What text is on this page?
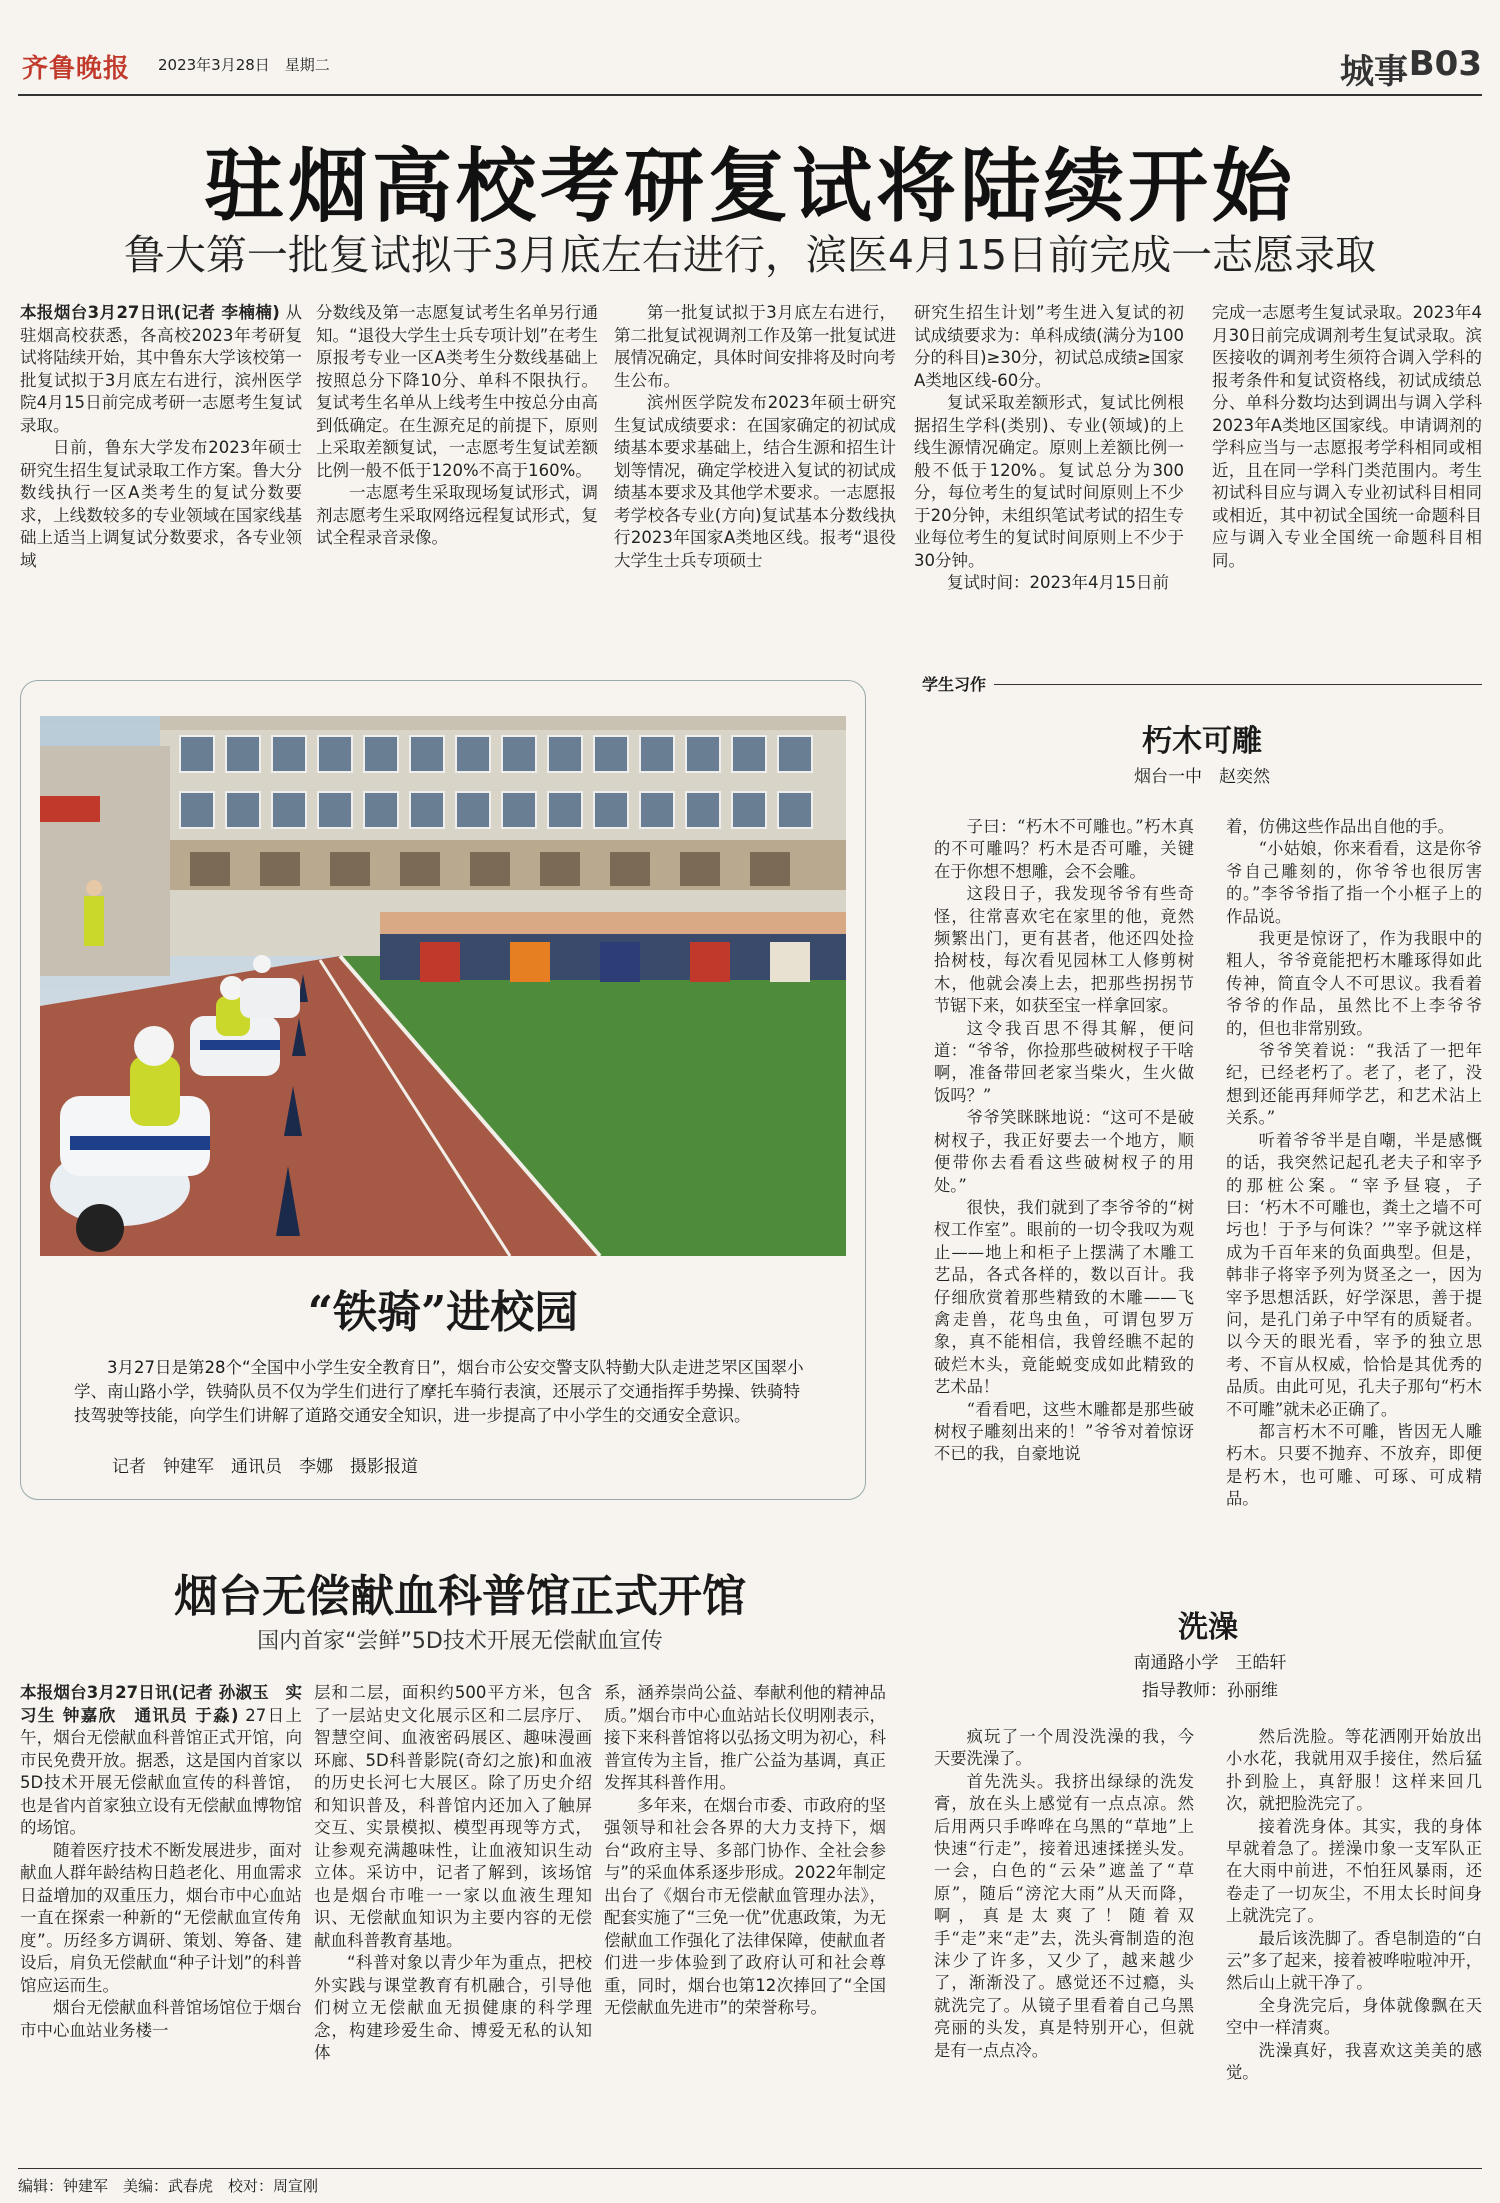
齐鲁晚报 2023年3月28日　星期二	城事 B03
驻烟高校考研复试将陆续开始
鲁大第一批复试拟于3月底左右进行，滨医4月15日前完成一志愿录取

本报烟台3月27日讯(记者 李楠楠) 从驻烟高校获悉，各高校2023年考研复试将陆续开始，其中鲁东大学该校第一批复试拟于3月底左右进行，滨州医学院4月15日前完成考研一志愿考生复试录取。

日前，鲁东大学发布2023年硕士研究生招生复试录取工作方案。鲁大分数线执行一区A类考生的复试分数要求，上线数较多的专业领域在国家线基础上适当上调复试分数要求，各专业领域

分数线及第一志愿复试考生名单另行通知。“退役大学生士兵专项计划”在考生原报考专业一区A类考生分数线基础上按照总分下降10分、单科不限执行。复试考生名单从上线考生中按总分由高到低确定。在生源充足的前提下，原则上采取差额复试，一志愿考生复试差额比例一般不低于120%不高于160%。

一志愿考生采取现场复试形式，调剂志愿考生采取网络远程复试形式，复试全程录音录像。

第一批复试拟于3月底左右进行，第二批复试视调剂工作及第一批复试进展情况确定，具体时间安排将及时向考生公布。

滨州医学院发布2023年硕士研究生复试成绩要求：在国家确定的初试成绩基本要求基础上，结合生源和招生计划等情况，确定学校进入复试的初试成绩基本要求及其他学术要求。一志愿报考学校各专业(方向)复试基本分数线执行2023年国家A类地区线。报考“退役大学生士兵专项硕士

研究生招生计划”考生进入复试的初试成绩要求为：单科成绩(满分为100分的科目)≥30分，初试总成绩≥国家A类地区线-60分。

复试采取差额形式，复试比例根据招生学科(类别)、专业(领域)的上线生源情况确定。原则上差额比例一般不低于120%。复试总分为300分，每位考生的复试时间原则上不少于20分钟，未组织笔试考试的招生专业每位考生的复试时间原则上不少于30分钟。

复试时间：2023年4月15日前

完成一志愿考生复试录取。2023年4月30日前完成调剂考生复试录取。滨医接收的调剂考生须符合调入学科的报考条件和复试资格线，初试成绩总分、单科分数均达到调出与调入学科2023年A类地区国家线。申请调剂的学科应当与一志愿报考学科相同或相近，且在同一学科门类范围内。考生初试科目应与调入专业初试科目相同或相近，其中初试全国统一命题科目应与调入专业全国统一命题科目相同。

“铁骑”进校园
3月27日是第28个“全国中小学生安全教育日”，烟台市公安交警支队特勤大队走进芝罘区国翠小学、南山路小学，铁骑队员不仅为学生们进行了摩托车骑行表演，还展示了交通指挥手势操、铁骑特技驾驶等技能，向学生们讲解了道路交通安全知识，进一步提高了中小学生的交通安全意识。
记者　钟建军　通讯员　李娜　摄影报道
学生习作
朽木可雕
烟台一中　赵奕然

子曰：“朽木不可雕也。”朽木真的不可雕吗？朽木是否可雕，关键在于你想不想雕，会不会雕。

这段日子，我发现爷爷有些奇怪，往常喜欢宅在家里的他，竟然频繁出门，更有甚者，他还四处捡拾树枝，每次看见园林工人修剪树木，他就会凑上去，把那些拐拐节节锯下来，如获至宝一样拿回家。

这令我百思不得其解，便问道：“爷爷，你捡那些破树杈子干啥啊，准备带回老家当柴火，生火做饭吗？”

爷爷笑眯眯地说：“这可不是破树杈子，我正好要去一个地方，顺便带你去看看这些破树杈子的用处。”

很快，我们就到了李爷爷的“树杈工作室”。眼前的一切令我叹为观止——地上和柜子上摆满了木雕工艺品，各式各样的，数以百计。我仔细欣赏着那些精致的木雕——飞禽走兽，花鸟虫鱼，可谓包罗万象，真不能相信，我曾经瞧不起的破烂木头，竟能蜕变成如此精致的艺术品！

“看看吧，这些木雕都是那些破树杈子雕刻出来的！”爷爷对着惊讶不已的我，自豪地说

着，仿佛这些作品出自他的手。

“小姑娘，你来看看，这是你爷爷自己雕刻的，你爷爷也很厉害的。”李爷爷指了指一个小框子上的作品说。

我更是惊讶了，作为我眼中的粗人，爷爷竟能把朽木雕琢得如此传神，简直令人不可思议。我看着爷爷的作品，虽然比不上李爷爷的，但也非常别致。

爷爷笑着说：“我活了一把年纪，已经老朽了。老了，老了，没想到还能再拜师学艺，和艺术沾上关系。”

听着爷爷半是自嘲，半是感慨的话，我突然记起孔老夫子和宰予的那桩公案。“宰予昼寝，子曰：‘朽木不可雕也，粪土之墙不可圬也！于予与何诛？’”宰予就这样成为千百年来的负面典型。但是，韩非子将宰予列为贤圣之一，因为宰予思想活跃，好学深思，善于提问，是孔门弟子中罕有的质疑者。以今天的眼光看，宰予的独立思考、不盲从权威，恰恰是其优秀的品质。由此可见，孔夫子那句“朽木不可雕”就未必正确了。

都言朽木不可雕，皆因无人雕朽木。只要不抛弃、不放弃，即便是朽木，也可雕、可琢、可成精品。

洗澡
南通路小学　王皓轩
指导教师：孙丽维

疯玩了一个周没洗澡的我，今天要洗澡了。

首先洗头。我挤出绿绿的洗发膏，放在头上感觉有一点点凉。然后用两只手哗哗在乌黑的“草地”上快速“行走”，接着迅速揉搓头发。一会，白色的“云朵”遮盖了“草原”，随后“滂沱大雨”从天而降，啊，真是太爽了！随着双手“走”来“走”去，洗头膏制造的泡沫少了许多，又少了，越来越少了，渐渐没了。感觉还不过瘾，头就洗完了。从镜子里看着自己乌黑亮丽的头发，真是特别开心，但就是有一点点冷。

然后洗脸。等花洒刚开始放出小水花，我就用双手接住，然后猛扑到脸上，真舒服！这样来回几次，就把脸洗完了。

接着洗身体。其实，我的身体早就着急了。搓澡巾象一支军队正在大雨中前进，不怕狂风暴雨，还卷走了一切灰尘，不用太长时间身上就洗完了。

最后该洗脚了。香皂制造的“白云”多了起来，接着被哗啦啦冲开，然后山上就干净了。

全身洗完后，身体就像飘在天空中一样清爽。

洗澡真好，我喜欢这美美的感觉。

烟台无偿献血科普馆正式开馆
国内首家“尝鲜”5D技术开展无偿献血宣传

本报烟台3月27日讯(记者 孙淑玉　实习生 钟嘉欣　通讯员 于淼) 27日上午，烟台无偿献血科普馆正式开馆，向市民免费开放。据悉，这是国内首家以5D技术开展无偿献血宣传的科普馆，也是省内首家独立设有无偿献血博物馆的场馆。

随着医疗技术不断发展进步，面对献血人群年龄结构日趋老化、用血需求日益增加的双重压力，烟台市中心血站一直在探索一种新的“无偿献血宣传角度”。历经多方调研、策划、筹备、建设后，肩负无偿献血“种子计划”的科普馆应运而生。

烟台无偿献血科普馆场馆位于烟台市中心血站业务楼一

层和二层，面积约500平方米，包含了一层站史文化展示区和二层序厅、智慧空间、血液密码展区、趣味漫画环廊、5D科普影院(奇幻之旅)和血液的历史长河七大展区。除了历史介绍和知识普及，科普馆内还加入了触屏交互、实景模拟、模型再现等方式，让参观充满趣味性，让血液知识生动立体。采访中，记者了解到，该场馆也是烟台市唯一一家以血液生理知识、无偿献血知识为主要内容的无偿献血科普教育基地。

“科普对象以青少年为重点，把校外实践与课堂教育有机融合，引导他们树立无偿献血无损健康的科学理念，构建珍爱生命、博爱无私的认知体

系，涵养崇尚公益、奉献利他的精神品质。”烟台市中心血站站长仪明刚表示，接下来科普馆将以弘扬文明为初心，科普宣传为主旨，推广公益为基调，真正发挥其科普作用。

多年来，在烟台市委、市政府的坚强领导和社会各界的大力支持下，烟台“政府主导、多部门协作、全社会参与”的采血体系逐步形成。2022年制定出台了《烟台市无偿献血管理办法》，配套实施了“三免一优”优惠政策，为无偿献血工作强化了法律保障，使献血者们进一步体验到了政府认可和社会尊重，同时，烟台也第12次捧回了“全国无偿献血先进市”的荣誉称号。

编辑：钟建军　美编：武春虎　校对：周宣刚
